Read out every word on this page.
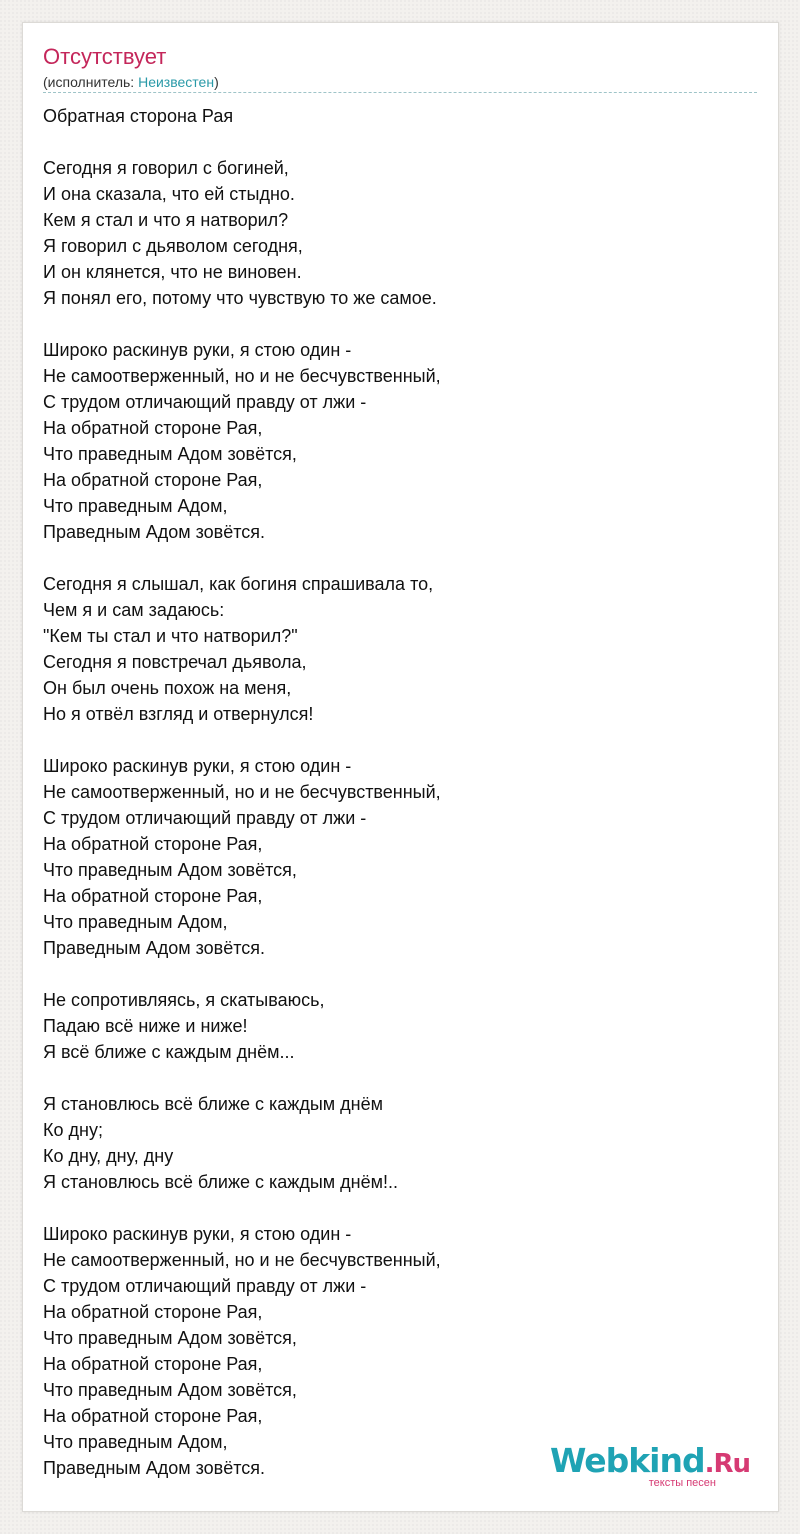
Отсутствует
(исполнитель: Неизвестен)
Обратная сторона Рая
Сегодня я говорил с богиней,
И она сказала, что ей стыдно.
Кем я стал и что я натворил?
Я говорил с дьяволом сегодня,
И он клянется, что не виновен.
Я понял его, потому что чувствую то же самое.
Широко раскинув руки, я стою один -
Не самоотверженный, но и не бесчувственный,
С трудом отличающий правду от лжи -
На обратной стороне Рая,
Что праведным Адом зовётся,
На обратной стороне Рая,
Что праведным Адом,
Праведным Адом зовётся.
Сегодня я слышал, как богиня спрашивала то,
Чем я и сам задаюсь:
"Кем ты стал и что натворил?"
Сегодня я повстречал дьявола,
Он был очень похож на меня,
Но я отвёл взгляд и отвернулся!
Широко раскинув руки, я стою один -
Не самоотверженный, но и не бесчувственный,
С трудом отличающий правду от лжи -
На обратной стороне Рая,
Что праведным Адом зовётся,
На обратной стороне Рая,
Что праведным Адом,
Праведным Адом зовётся.
Не сопротивляясь, я скатываюсь,
Падаю всё ниже и ниже!
Я всё ближе с каждым днём...
Я становлюсь всё ближе с каждым днём
Ко дну;
Ко дну, дну, дну
Я становлюсь всё ближе с каждым днём!..
Широко раскинув руки, я стою один -
Не самоотверженный, но и не бесчувственный,
С трудом отличающий правду от лжи -
На обратной стороне Рая,
Что праведным Адом зовётся,
На обратной стороне Рая,
Что праведным Адом зовётся,
На обратной стороне Рая,
Что праведным Адом,
Праведным Адом зовётся.	Webkind.Ru
тексты песен
